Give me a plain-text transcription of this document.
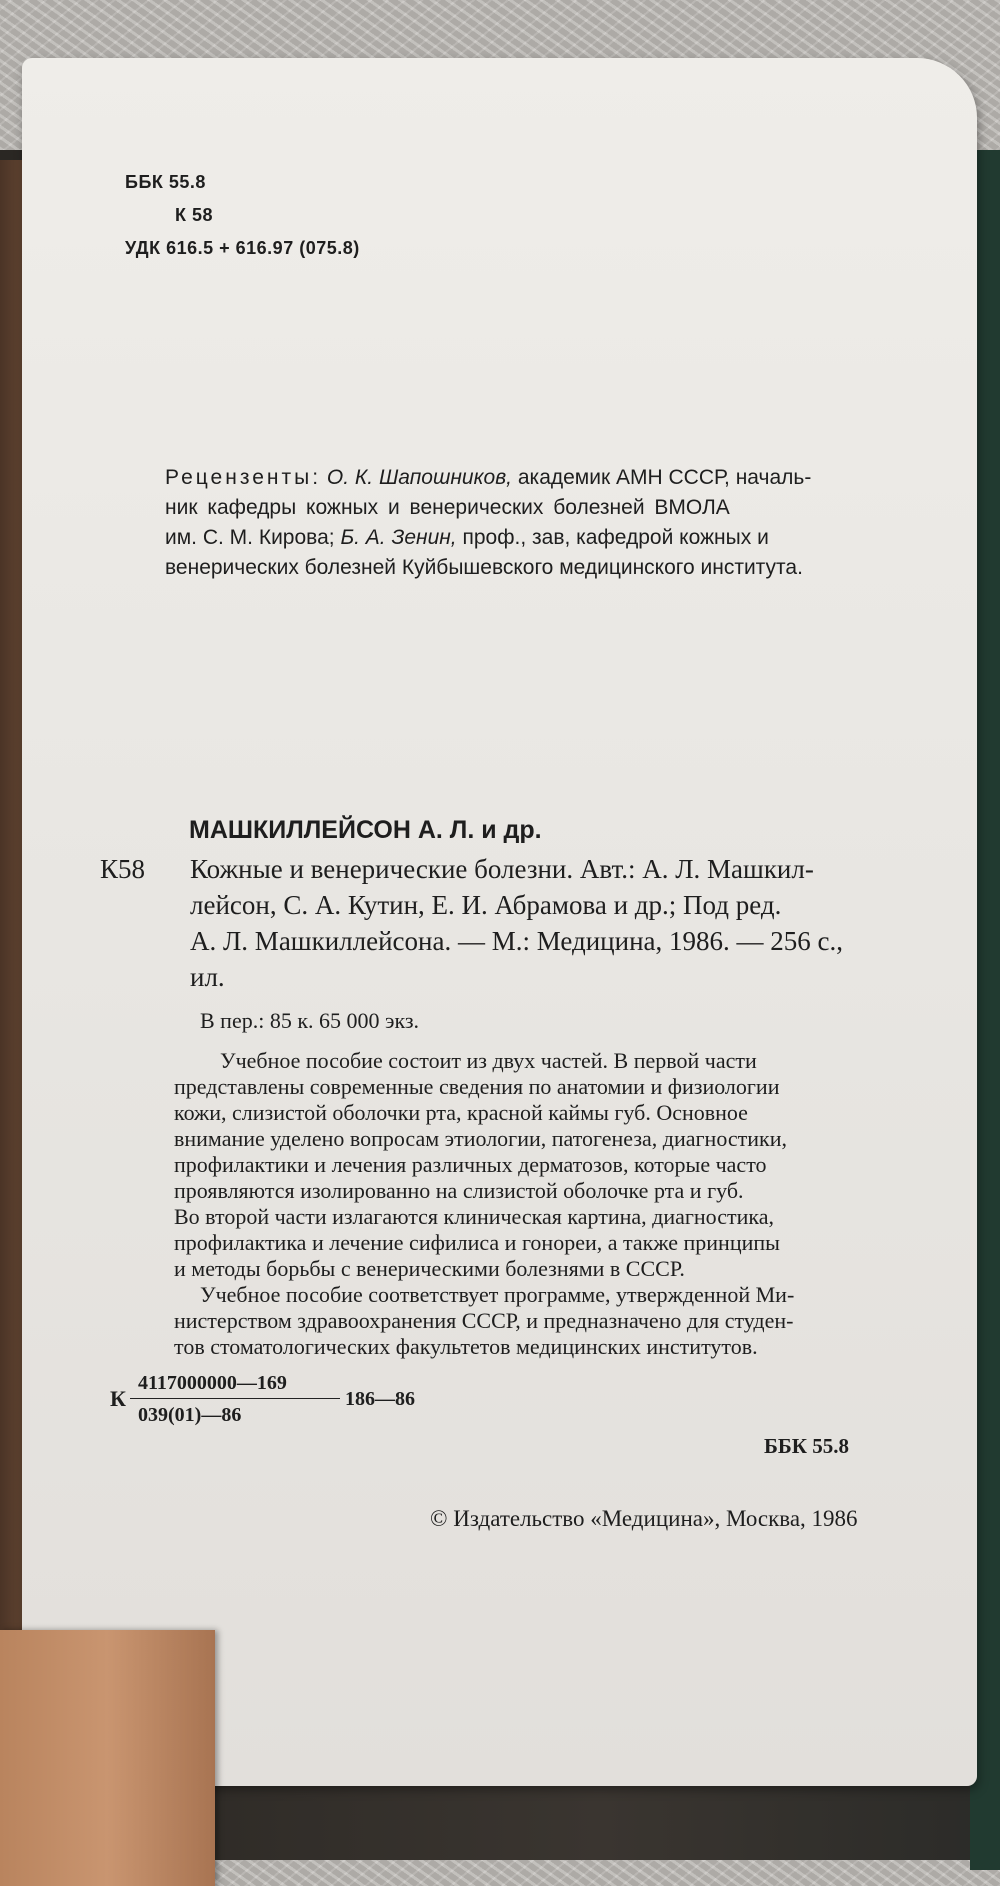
ББК 55.8
К 58
УДК 616.5 + 616.97 (075.8)
Рецензенты: О. К. Шапошников, академик АМН СССР, началь-
ник кафедры кожных и венерических болезней ВМОЛА
им. С. М. Кирова; Б. А. Зенин, проф., зав, кафедрой кожных и
венерических болезней Куйбышевского медицинского института.
МАШКИЛЛЕЙСОН А. Л. и др.
К58 Кожные и венерические болезни. Авт.: А. Л. Машкил-
лейсон, С. А. Кутин, Е. И. Абрамова и др.; Под ред.
А. Л. Машкиллейсона. — М.: Медицина, 1986. — 256 с.,
ил.
В пер.: 85 к. 65 000 экз.
Учебное пособие состоит из двух частей. В первой части
представлены современные сведения по анатомии и физиологии
кожи, слизистой оболочки рта, красной каймы губ. Основное
внимание уделено вопросам этиологии, патогенеза, диагностики,
профилактики и лечения различных дерматозов, которые часто
проявляются изолированно на слизистой оболочке рта и губ.
Во второй части излагаются клиническая картина, диагностика,
профилактика и лечение сифилиса и гонореи, а также принципы
и методы борьбы с венерическими болезнями в СССР.
Учебное пособие соответствует программе, утвержденной Ми-
нистерством здравоохранения СССР, и предназначено для студен-
тов стоматологических факультетов медицинских институтов.
К
4117000000—169
039(01)—86
186—86
ББК 55.8
© Издательство «Медицина», Москва, 1986
